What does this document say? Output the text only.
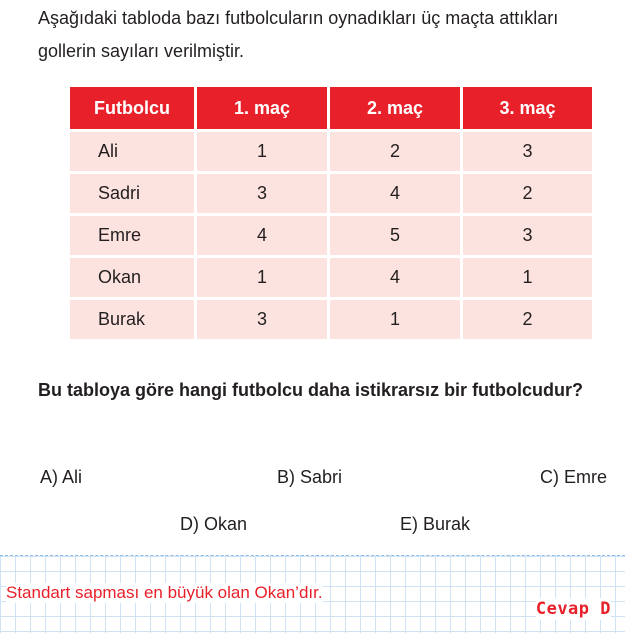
Aşağıdaki tabloda bazı futbolcuların oynadıkları üç maçta attıkları gollerin sayıları verilmiştir.

Futbolcu	1. maç	2. maç	3. maç
Ali	1	2	3
Sadri	3	4	2
Emre	4	5	3
Okan	1	4	1
Burak	3	1	2

Bu tabloya göre hangi futbolcu daha istikrarsız bir futbolcudur?

A) Ali	B) Sabri	C) Emre
D) Okan	E) Burak
Standart sapması en büyük olan Okan’dır.
Cevap D
